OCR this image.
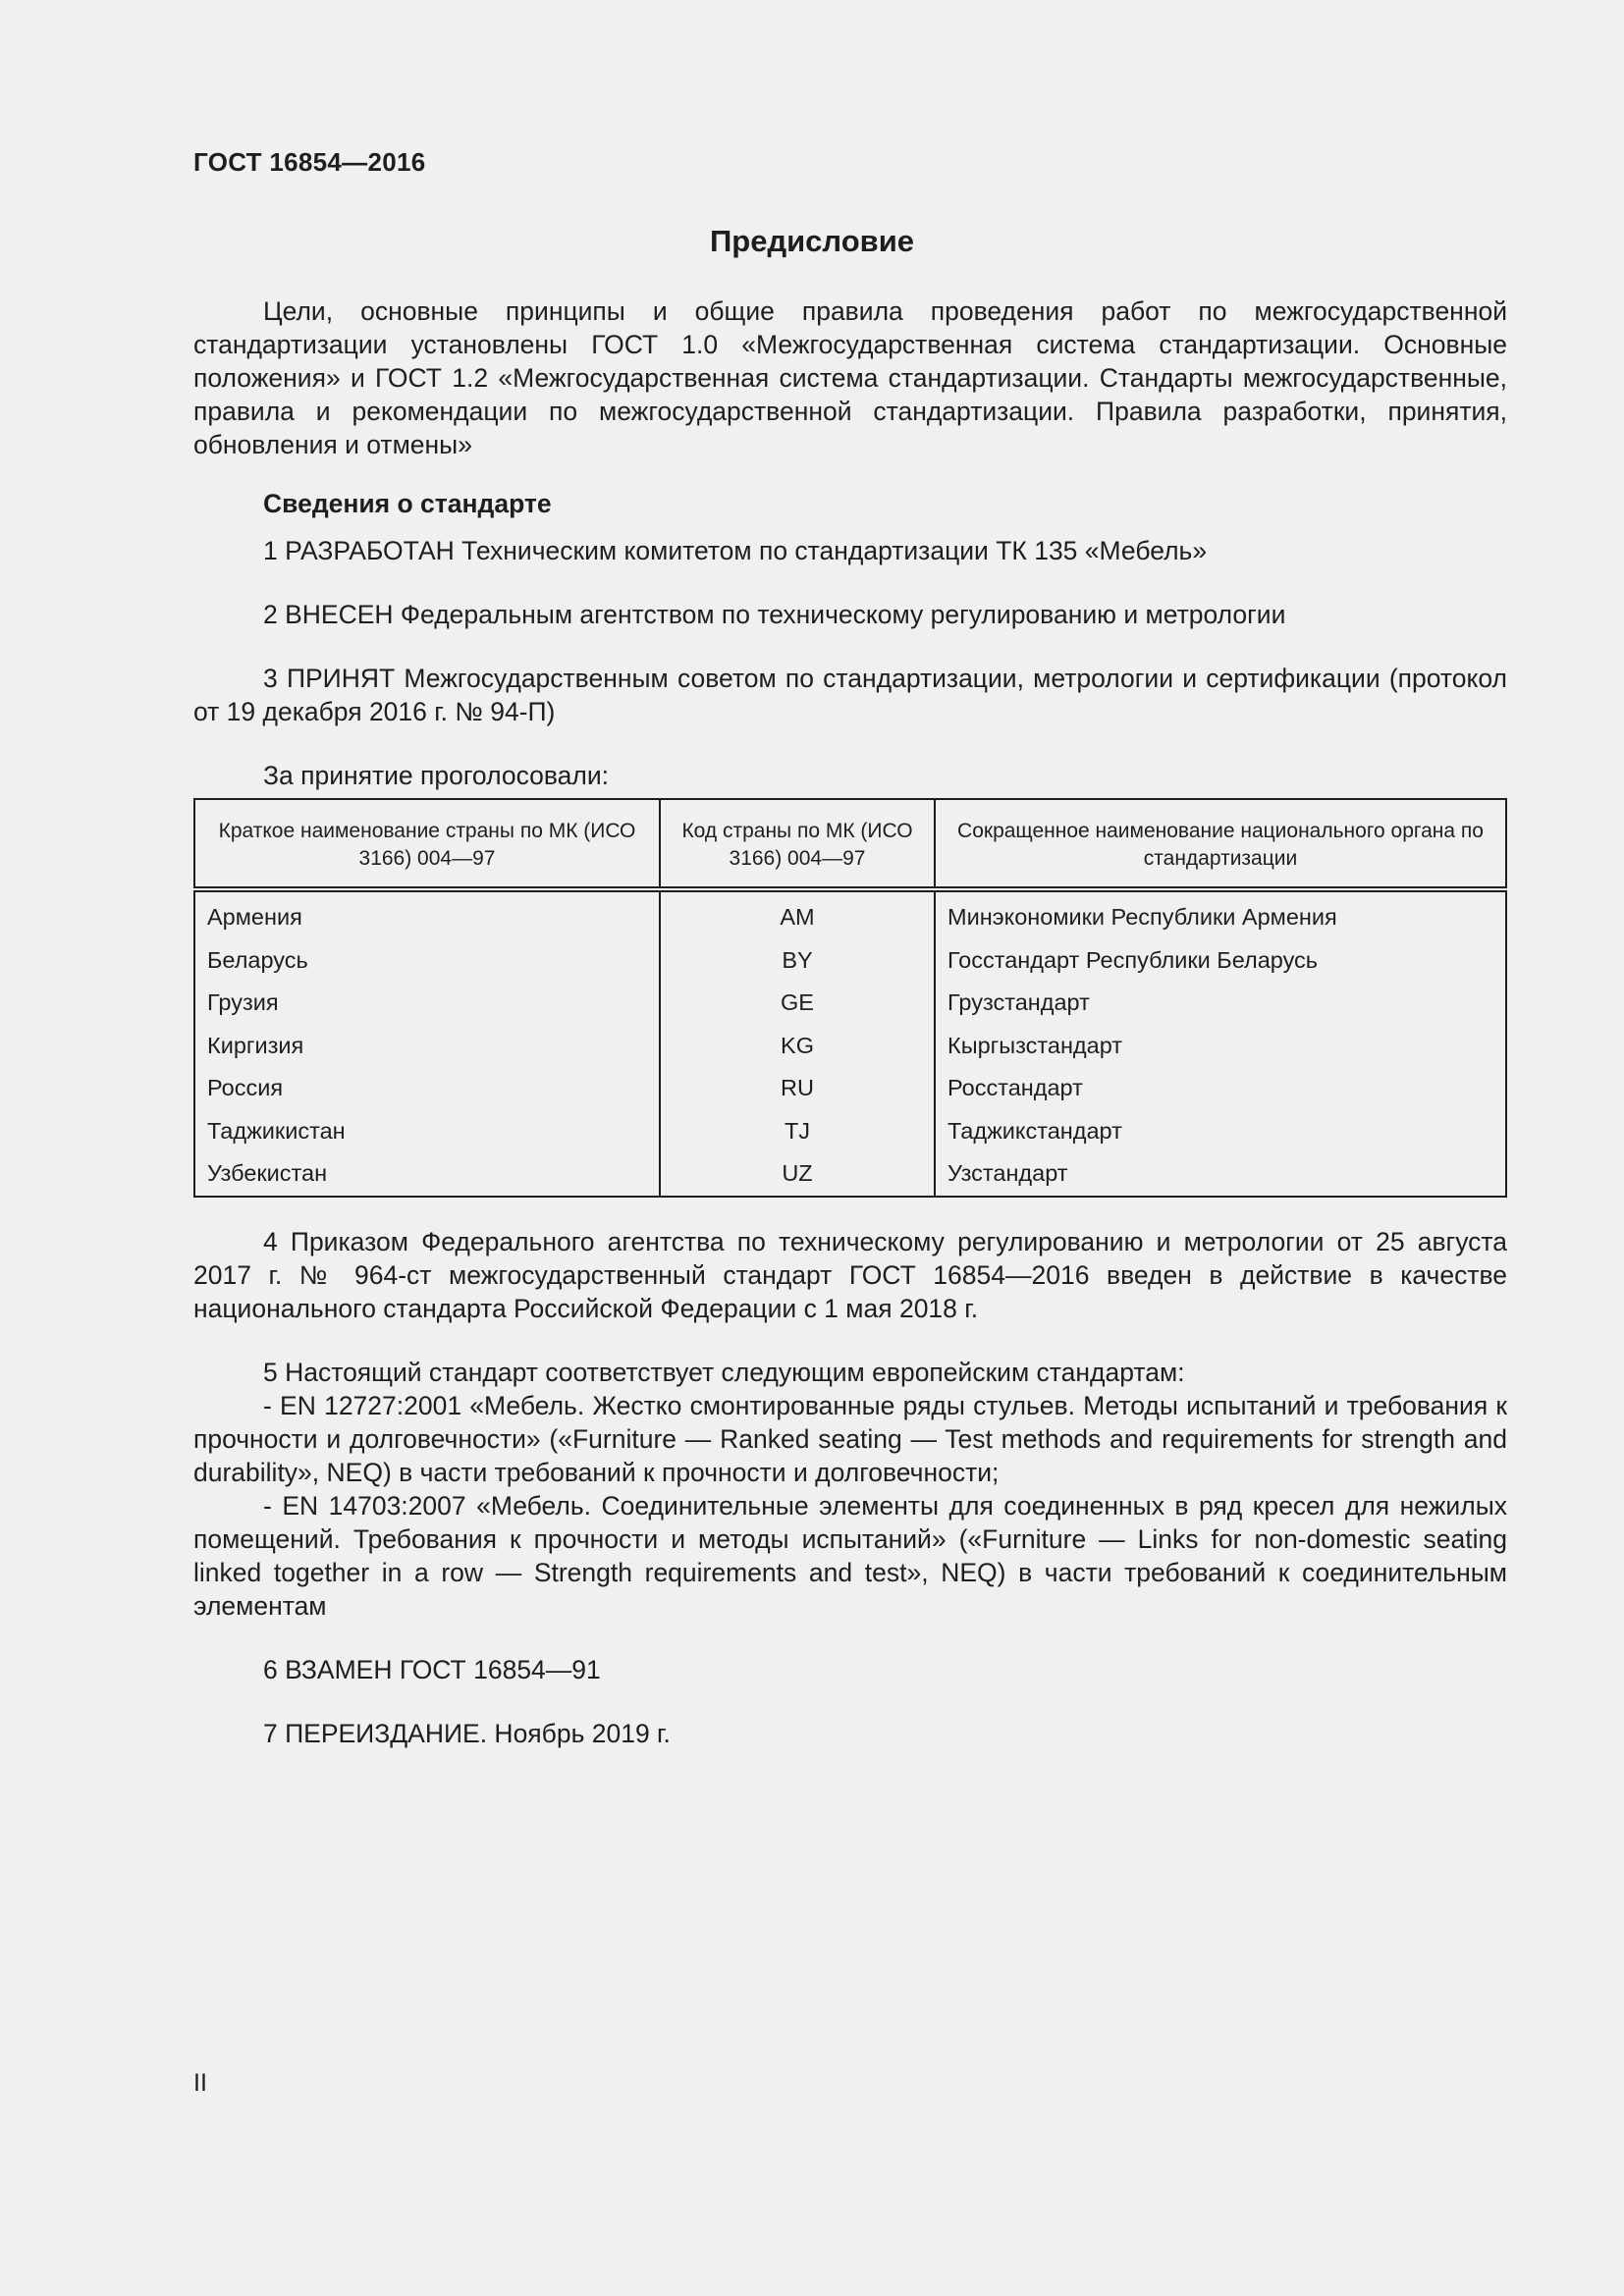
ГОСТ 16854—2016
Предисловие

Цели, основные принципы и общие правила проведения работ по межгосударственной стандартизации установлены ГОСТ 1.0 «Межгосударственная система стандартизации. Основные положения» и ГОСТ 1.2 «Межгосударственная система стандартизации. Стандарты межгосударственные, правила и рекомендации по межгосударственной стандартизации. Правила разработки, принятия, обновления и отмены»

Сведения о стандарте

1 РАЗРАБОТАН Техническим комитетом по стандартизации ТК 135 «Мебель»

2 ВНЕСЕН Федеральным агентством по техническому регулированию и метрологии

3 ПРИНЯТ Межгосударственным советом по стандартизации, метрологии и сертификации (протокол от 19 декабря 2016 г. № 94-П)

За принятие проголосовали:

Краткое наименование страны по МК (ИСО 3166) 004—97	Код страны по МК (ИСО 3166) 004—97	Сокращенное наименование национального органа по стандартизации
Армения	AM	Минэкономики Республики Армения
Беларусь	BY	Госстандарт Республики Беларусь
Грузия	GE	Грузстандарт
Киргизия	KG	Кыргызстандарт
Россия	RU	Росстандарт
Таджикистан	TJ	Таджикстандарт
Узбекистан	UZ	Узстандарт

4 Приказом Федерального агентства по техническому регулированию и метрологии от 25 августа 2017 г. № 964-ст межгосударственный стандарт ГОСТ 16854—2016 введен в действие в качестве национального стандарта Российской Федерации с 1 мая 2018 г.

5 Настоящий стандарт соответствует следующим европейским стандартам:

- EN 12727:2001 «Мебель. Жестко смонтированные ряды стульев. Методы испытаний и требования к прочности и долговечности» («Furniture — Ranked seating — Test methods and requirements for strength and durability», NEQ) в части требований к прочности и долговечности;

- EN 14703:2007 «Мебель. Соединительные элементы для соединенных в ряд кресел для нежилых помещений. Требования к прочности и методы испытаний» («Furniture — Links for non-domestic seating linked together in a row — Strength requirements and test», NEQ) в части требований к соединительным элементам

6 ВЗАМЕН ГОСТ 16854—91

7 ПЕРЕИЗДАНИЕ. Ноябрь 2019 г.

II
